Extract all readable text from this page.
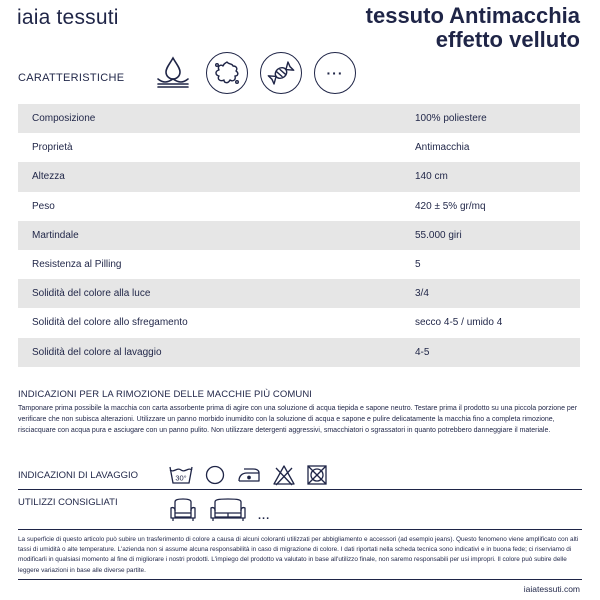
iaia tessuti	tessuto Antimacchia
effetto velluto
CARATTERISTICHE	···
Composizione	100% poliestere
Proprietà	Antimacchia
Altezza	140 cm
Peso	420 ± 5% gr/mq
Martindale	55.000 giri
Resistenza al Pilling	5
Solidità del colore alla luce	3/4
Solidità del colore allo sfregamento	secco 4-5 / umido 4
Solidità del colore al lavaggio	4-5
INDICAZIONI PER LA RIMOZIONE DELLE MACCHIE PIÙ COMUNI
Tamponare prima possibile la macchia con carta assorbente prima di agire con una soluzione di acqua tiepida e sapone neutro. Testare prima il prodotto su una piccola porzione per verificare che non subisca alterazioni. Utilizzare un panno morbido inumidito con la soluzione di acqua e sapone e pulire delicatamente la macchia fino a completa rimozione, risciacquare con acqua pura e asciugare con un panno pulito. Non utilizzare detergenti aggressivi, smacchiatori o sgrassatori in quanto potrebbero danneggiare il materiale.
INDICAZIONI DI LAVAGGIO	30°
UTILIZZI CONSIGLIATI
...
La superficie di questo articolo può subire un trasferimento di colore a causa di alcuni coloranti utilizzati per abbigliamento e accessori (ad esempio jeans). Questo fenomeno viene amplificato con alti tassi di umidità o alte temperature. L'azienda non si assume alcuna responsabilità in caso di migrazione di colore. I dati riportati nella scheda tecnica sono indicativi e in buona fede; ci riserviamo di modificarli in qualsiasi momento al fine di migliorare i nostri prodotti. L'impiego del prodotto va valutato in base all'utilizzo finale, non saremo responsabili per usi impropri. Il colore può subire delle leggere variazioni in base alle diverse partite.
iaiatessuti.com
